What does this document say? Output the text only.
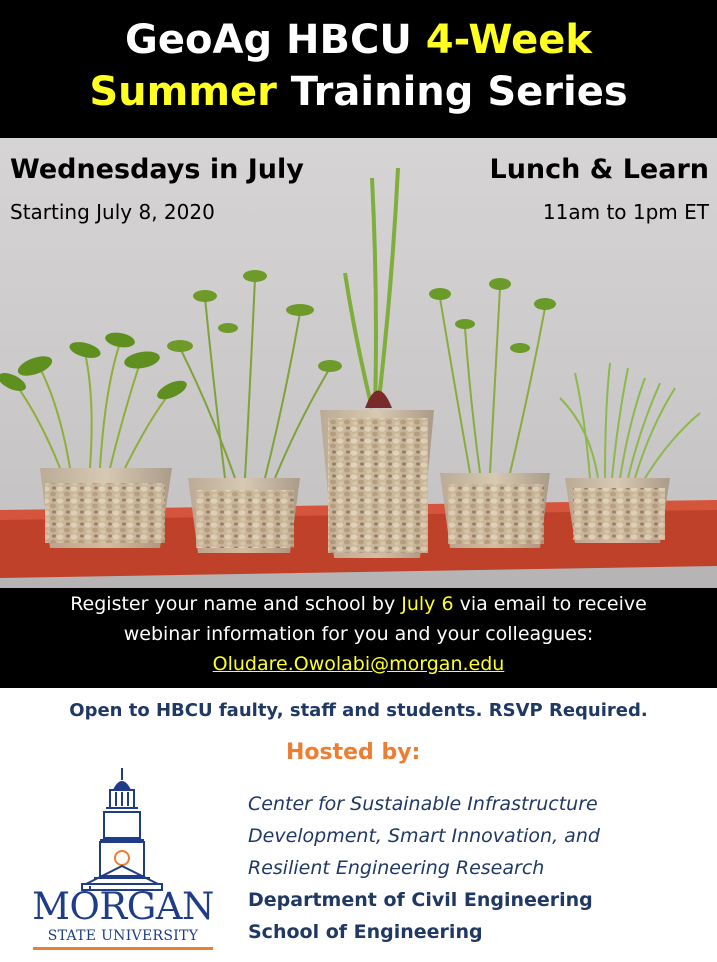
GeoAg HBCU 4-Week
Summer Training Series
Wednesdays in July
Starting July 8, 2020
Lunch & Learn
11am to 1pm ET
Register your name and school by July 6 via email to receive
webinar information for you and your colleagues:
Oludare.Owolabi@morgan.edu
Open to HBCU faulty, staff and students. RSVP Required.
Hosted by:
Center for Sustainable Infrastructure
Development, Smart Innovation, and
Resilient Engineering Research
Department of Civil Engineering
School of Engineering
MORGAN
STATE UNIVERSITY
